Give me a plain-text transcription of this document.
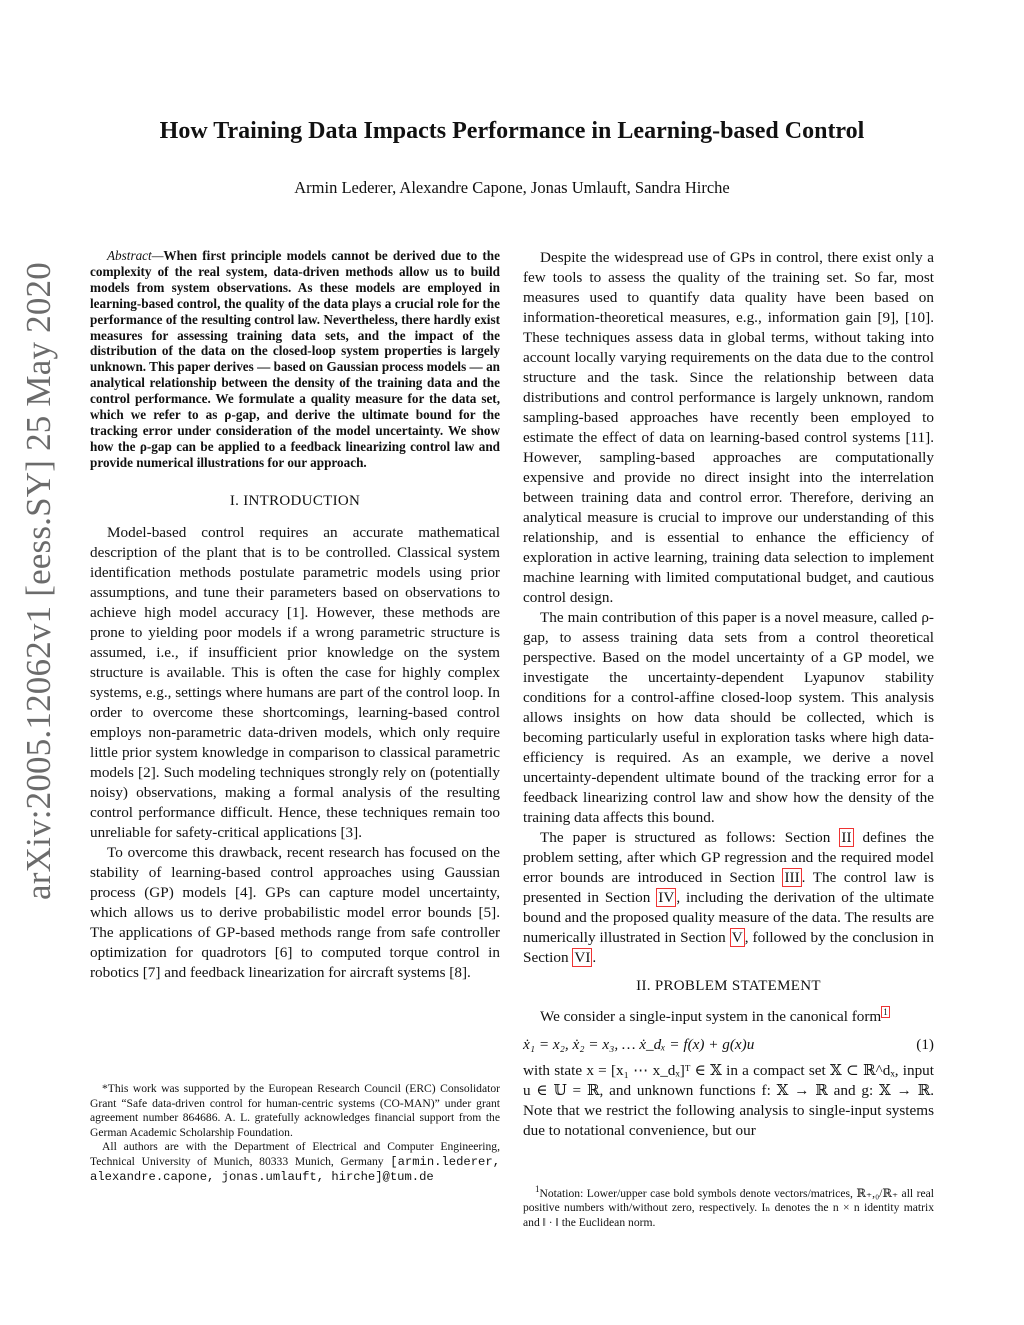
arXiv:2005.12062v1 [eess.SY] 25 May 2020
How Training Data Impacts Performance in Learning-based Control
Armin Lederer, Alexandre Capone, Jonas Umlauft, Sandra Hirche

Abstract—When first principle models cannot be derived due to the complexity of the real system, data-driven methods allow us to build models from system observations. As these models are employed in learning-based control, the quality of the data plays a crucial role for the performance of the resulting control law. Nevertheless, there hardly exist measures for assessing training data sets, and the impact of the distribution of the data on the closed-loop system properties is largely unknown. This paper derives — based on Gaussian process models — an analytical relationship between the density of the training data and the control performance. We formulate a quality measure for the data set, which we refer to as ρ-gap, and derive the ultimate bound for the tracking error under consideration of the model uncertainty. We show how the ρ-gap can be applied to a feedback linearizing control law and provide numerical illustrations for our approach.

I. INTRODUCTION

Model-based control requires an accurate mathematical description of the plant that is to be controlled. Classical system identification methods postulate parametric models using prior assumptions, and tune their parameters based on observations to achieve high model accuracy [1]. However, these methods are prone to yielding poor models if a wrong parametric structure is assumed, i.e., if insufficient prior knowledge on the system structure is available. This is often the case for highly complex systems, e.g., settings where humans are part of the control loop. In order to overcome these shortcomings, learning-based control employs non-parametric data-driven models, which only require little prior system knowledge in comparison to classical parametric models [2]. Such modeling techniques strongly rely on (potentially noisy) observations, making a formal analysis of the resulting control performance difficult. Hence, these techniques remain too unreliable for safety-critical applications [3].

To overcome this drawback, recent research has focused on the stability of learning-based control approaches using Gaussian process (GP) models [4]. GPs can capture model uncertainty, which allows us to derive probabilistic model error bounds [5]. The applications of GP-based methods range from safe controller optimization for quadrotors [6] to computed torque control in robotics [7] and feedback linearization for aircraft systems [8].

*This work was supported by the European Research Council (ERC) Consolidator Grant “Safe data-driven control for human-centric systems (CO-MAN)” under grant agreement number 864686. A. L. gratefully acknowledges financial support from the German Academic Scholarship Foundation.

All authors are with the Department of Electrical and Computer Engineering, Technical University of Munich, 80333 Munich, Germany [armin.lederer, alexandre.capone, jonas.umlauft, hirche]@tum.de

Despite the widespread use of GPs in control, there exist only a few tools to assess the quality of the training set. So far, most measures used to quantify data quality have been based on information-theoretical measures, e.g., information gain [9], [10]. These techniques assess data in global terms, without taking into account locally varying requirements on the data due to the control structure and the task. Since the relationship between data distributions and control performance is largely unknown, random sampling-based approaches have recently been employed to estimate the effect of data on learning-based control systems [11]. However, sampling-based approaches are computationally expensive and provide no direct insight into the interrelation between training data and control error. Therefore, deriving an analytical measure is crucial to improve our understanding of this relationship, and is essential to enhance the efficiency of exploration in active learning, training data selection to implement machine learning with limited computational budget, and cautious control design.

The main contribution of this paper is a novel measure, called ρ-gap, to assess training data sets from a control theoretical perspective. Based on the model uncertainty of a GP model, we investigate the uncertainty-dependent Lyapunov stability conditions for a control-affine closed-loop system. This analysis allows insights on how data should be collected, which is becoming particularly useful in exploration tasks where high data-efficiency is required. As an example, we derive a novel uncertainty-dependent ultimate bound of the tracking error for a feedback linearizing control law and show how the density of the training data affects this bound.

The paper is structured as follows: Section II defines the problem setting, after which GP regression and the required model error bounds are introduced in Section III . The control law is presented in Section IV , including the derivation of the ultimate bound and the proposed quality measure of the data. The results are numerically illustrated in Section V , followed by the conclusion in Section VI .

II. PROBLEM STATEMENT

We consider a single-input system in the canonical form $^1$

ẋ₁ = x₂, ẋ₂ = x₃, … ẋ_dₓ = f(x) + g(x)u	(1)

with state x = [x₁ ⋯ x_dₓ]ᵀ ∈ 𝕏 in a compact set 𝕏 ⊂ ℝ^dₓ, input u ∈ 𝕌 = ℝ, and unknown functions f: 𝕏 → ℝ and g: 𝕏 → ℝ. Note that we restrict the following analysis to single-input systems due to notational convenience, but our

$^1$Notation: Lower/upper case bold symbols denote vectors/matrices, ℝ₊,₀/ℝ₊ all real positive numbers with/without zero, respectively. Iₙ denotes the n × n identity matrix and ‖ · ‖ the Euclidean norm.
